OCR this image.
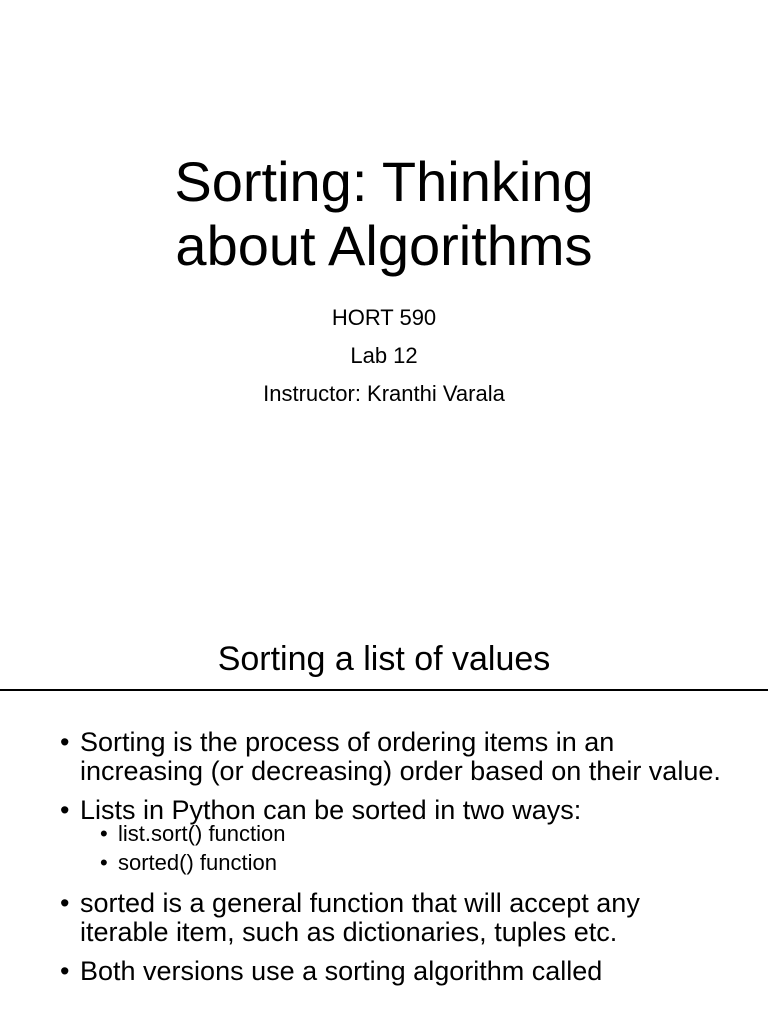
Sorting: Thinking
about Algorithms

HORT 590

Lab 12

Instructor: Kranthi Varala

Sorting a list of values
• Sorting is the process of ordering items in an increasing (or decreasing) order based on their value.
• Lists in Python can be sorted in two ways:
• list.sort() function
• sorted() function
• sorted is a general function that will accept any iterable item, such as dictionaries, tuples etc.
• Both versions use a sorting algorithm called
